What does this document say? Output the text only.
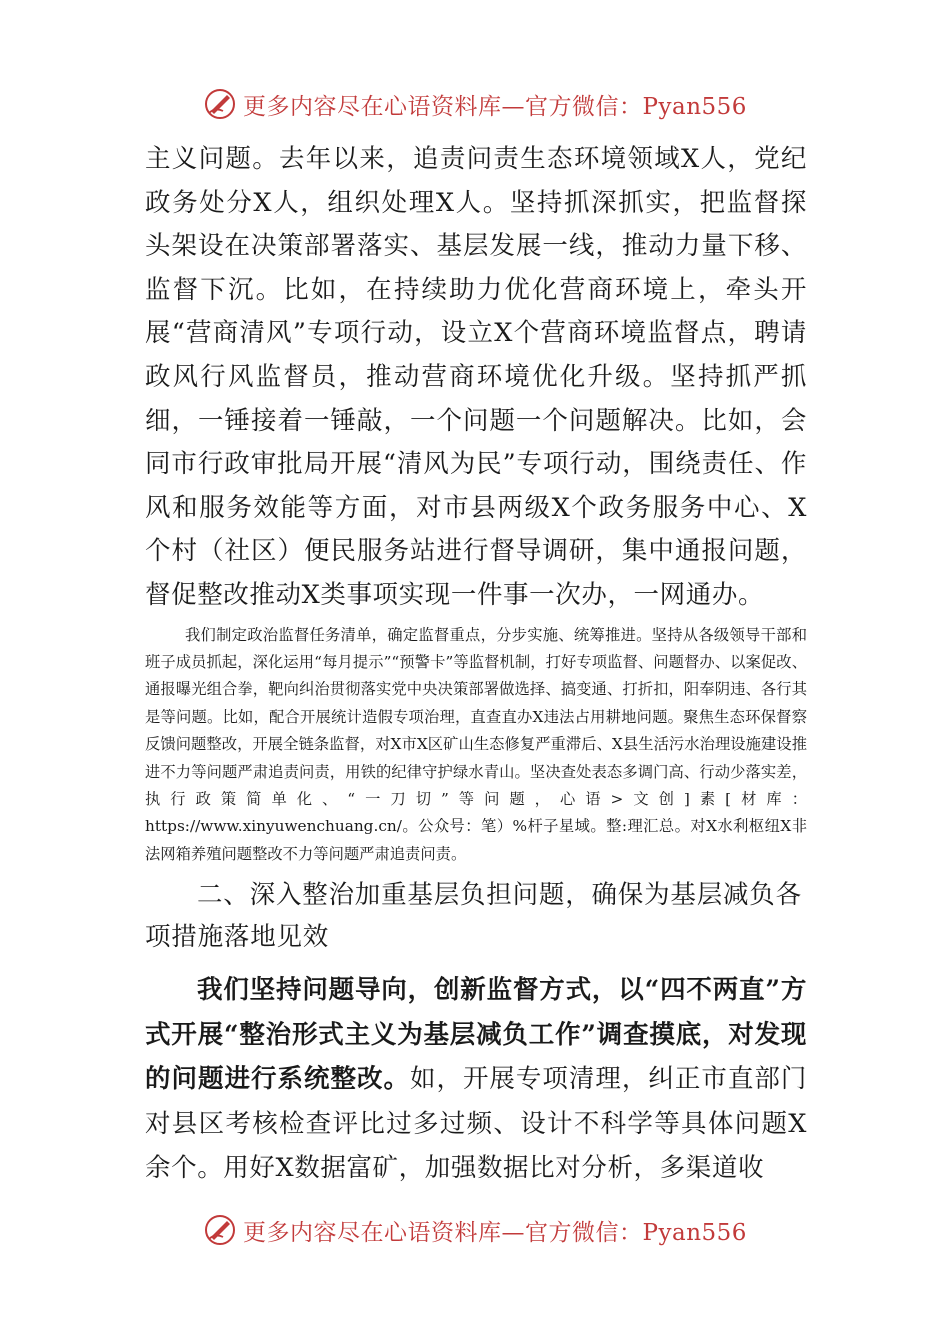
更多内容尽在心语资料库—官方微信：Pyan556

主义问题。去年以来，追责问责生态环境领域X人，党纪政务处分X人，组织处理X人。坚持抓深抓实，把监督探头架设在决策部署落实、基层发展一线，推动力量下移、监督下沉。比如，在持续助力优化营商环境上，牵头开展“营商清风”专项行动，设立X个营商环境监督点，聘请政风行风监督员，推动营商环境优化升级。坚持抓严抓细，一锤接着一锤敲，一个问题一个问题解决。比如，会同市行政审批局开展“清风为民”专项行动，围绕责任、作风和服务效能等方面，对市县两级X个政务服务中心、X个村（社区）便民服务站进行督导调研，集中通报问题，督促整改推动X类事项实现一件事一次办，一网通办。

我们制定政治监督任务清单，确定监督重点，分步实施、统筹推进。坚持从各级领导干部和班子成员抓起，深化运用“每月提示”“预警卡”等监督机制，打好专项监督、问题督办、以案促改、通报曝光组合拳，靶向纠治贯彻落实党中央决策部署做选择、搞变通、打折扣，阳奉阴违、各行其是等问题。比如，配合开展统计造假专项治理，直查直办X违法占用耕地问题。聚焦生态环保督察反馈问题整改，开展全链条监督，对X市X区矿山生态修复严重滞后、X县生活污水治理设施建设推进不力等问题严肃追责问责，用铁的纪律守护绿水青山。坚决查处表态多调门高、行动少落实差，执行政策简单化、“一刀切”等问题，心语>文创]素[材库：https://www.xinyuwenchuang.cn/。公众号：笔）%杆子星域。整:理汇总。对X水利枢纽X非法网箱养殖问题整改不力等问题严肃追责问责。

二、深入整治加重基层负担问题，确保为基层减负各项措施落地见效

我们坚持问题导向，创新监督方式，以“四不两直”方式开展“整治形式主义为基层减负工作”调查摸底，对发现的问题进行系统整改。如，开展专项清理，纠正市直部门对县区考核检查评比过多过频、设计不科学等具体问题X余个。用好X数据富矿，加强数据比对分析，多渠道收

更多内容尽在心语资料库—官方微信：Pyan556
